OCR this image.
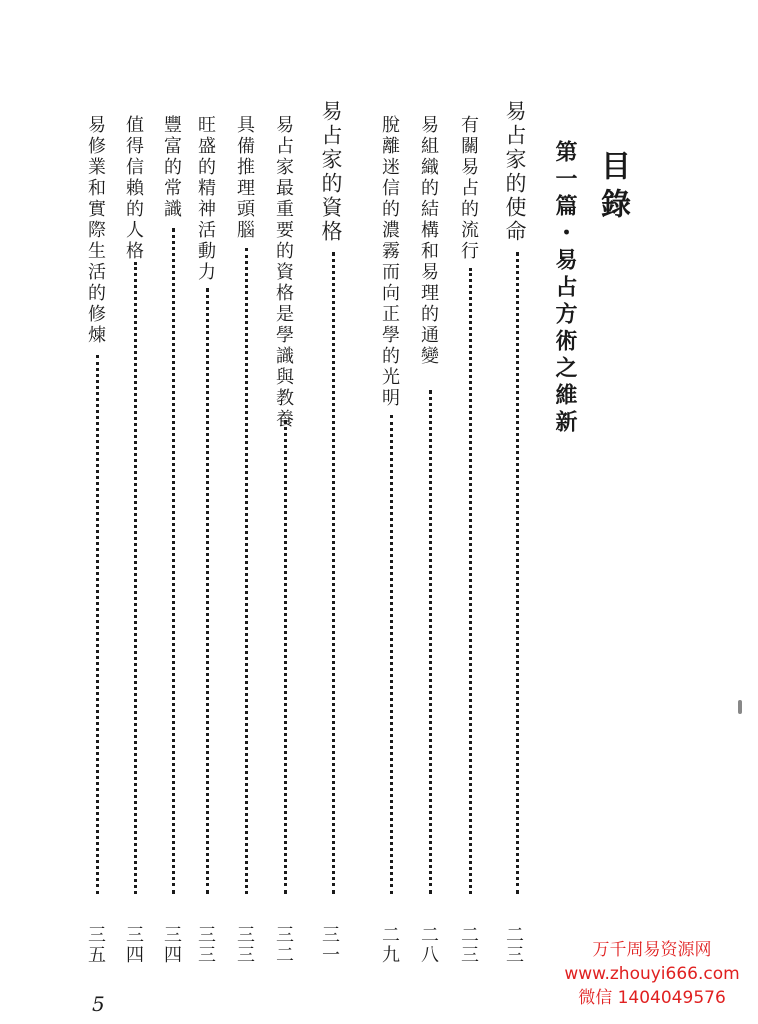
目錄
第一篇・易占方術之維新
易占家的使命
二三
有關易占的流行
二三
易組織的結構和易理的通變
二八
脫離迷信的濃霧而向正學的光明
二九
易占家的資格
三一
易占家最重要的資格是學識與教養
三二
具備推理頭腦
三三
旺盛的精神活動力
三三
豐富的常識
三四
值得信賴的人格
三四
易修業和實際生活的修煉
三五
5
万千周易资源网
www.zhouyi666.com
微信 1404049576
